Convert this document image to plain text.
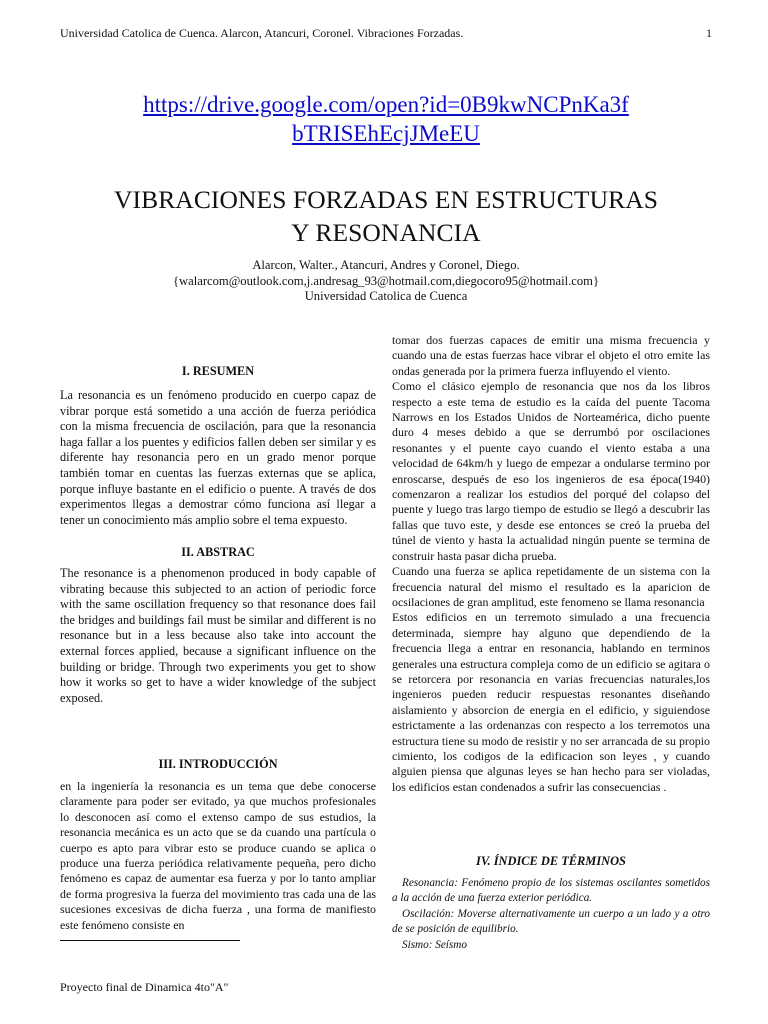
Universidad Catolica de Cuenca. Alarcon, Atancuri, Coronel. Vibraciones Forzadas.	1
https://drive.google.com/open?id=0B9kwNCPnKa3f
bTRISEhEcjJMeEU
VIBRACIONES FORZADAS EN ESTRUCTURAS
Y RESONANCIA
Alarcon, Walter., Atancuri, Andres y Coronel, Diego.
{walarcom@outlook.com,j.andresag_93@hotmail.com,diegocoro95@hotmail.com}
Universidad Catolica de Cuenca
I. RESUMEN

La resonancia es un fenómeno producido en cuerpo capaz de vibrar porque está sometido a una acción de fuerza periódica con la misma frecuencia de oscilación, para que la resonancia haga fallar a los puentes y edificios fallen deben ser similar y es diferente hay resonancia pero en un grado menor porque también tomar en cuentas las fuerzas externas que se aplica, porque influye bastante en el edificio o puente. A través de dos experimentos llegas a demostrar cómo funciona así llegar a tener un conocimiento más amplio sobre el tema expuesto.

II. ABSTRAC

The resonance is a phenomenon produced in body capable of vibrating because this subjected to an action of periodic force with the same oscillation frequency so that resonance does fail the bridges and buildings fail must be similar and different is no resonance but in a less because also take into account the external forces applied, because a significant influence on the building or bridge. Through two experiments you get to show how it works so get to have a wider knowledge of the subject exposed.

III. INTRODUCCIÓN

en la ingeniería la resonancia es un tema que debe conocerse claramente para poder ser evitado, ya que muchos profesionales lo desconocen así como el extenso campo de sus estudios, la resonancia mecánica es un acto que se da cuando una partícula o cuerpo es apto para vibrar esto se produce cuando se aplica o produce una fuerza periódica relativamente pequeña, pero dicho fenómeno es capaz de aumentar esa fuerza y por lo tanto ampliar de forma progresiva la fuerza del movimiento tras cada una de las sucesiones excesivas de dicha fuerza , una forma de manifiesto este fenómeno consiste en

tomar dos fuerzas capaces de emitir una misma frecuencia y cuando una de estas fuerzas hace vibrar el objeto el otro emite las ondas generada por la primera fuerza influyendo el viento.

Como el clásico ejemplo de resonancia que nos da los libros respecto a este tema de estudio es la caída del puente Tacoma Narrows en los Estados Unidos de Norteamérica, dicho puente duro 4 meses debido a que se derrumbó por oscilaciones resonantes y el puente cayo cuando el viento estaba a una velocidad de 64km/h y luego de empezar a ondularse termino por enroscarse, después de eso los ingenieros de esa época(1940) comenzaron a realizar los estudios del porqué del colapso del puente y luego tras largo tiempo de estudio se llegó a descubrir las fallas que tuvo este, y desde ese entonces se creó la prueba del túnel de viento y hasta la actualidad ningún puente se termina de construir hasta pasar dicha prueba.

Cuando una fuerza se aplica repetidamente de un sistema con la frecuencia natural del mismo el resultado es la aparicion de ocsilaciones de gran amplitud, este fenomeno se llama resonancia

Estos edificios en un terremoto simulado a una frecuencia determinada, siempre hay alguno que dependiendo de la frecuencia llega a entrar en resonancia, hablando en terminos generales una estructura compleja como de un edificio se agitara o se retorcera por resonancia en varias frecuencias naturales,los ingenieros pueden reducir respuestas resonantes diseñando aislamiento y absorcion de energia en el edificio, y siguiendose estrictamente a las ordenanzas con respecto a los terremotos una estructura tiene su modo de resistir y no ser arrancada de su propio cimiento, los codigos de la edificacion son leyes , y cuando alguien piensa que algunas leyes se han hecho para ser violadas, los edificios estan condenados a sufrir las consecuencias .

IV. ÍNDICE DE TÉRMINOS

Resonancia: Fenómeno propio de los sistemas oscilantes sometidos a la acción de una fuerza exterior periódica.

Oscilación: Moverse alternativamente un cuerpo a un lado y a otro de se posición de equilibrio.

Sismo: Seísmo

Proyecto final de Dinamica 4to"A"
